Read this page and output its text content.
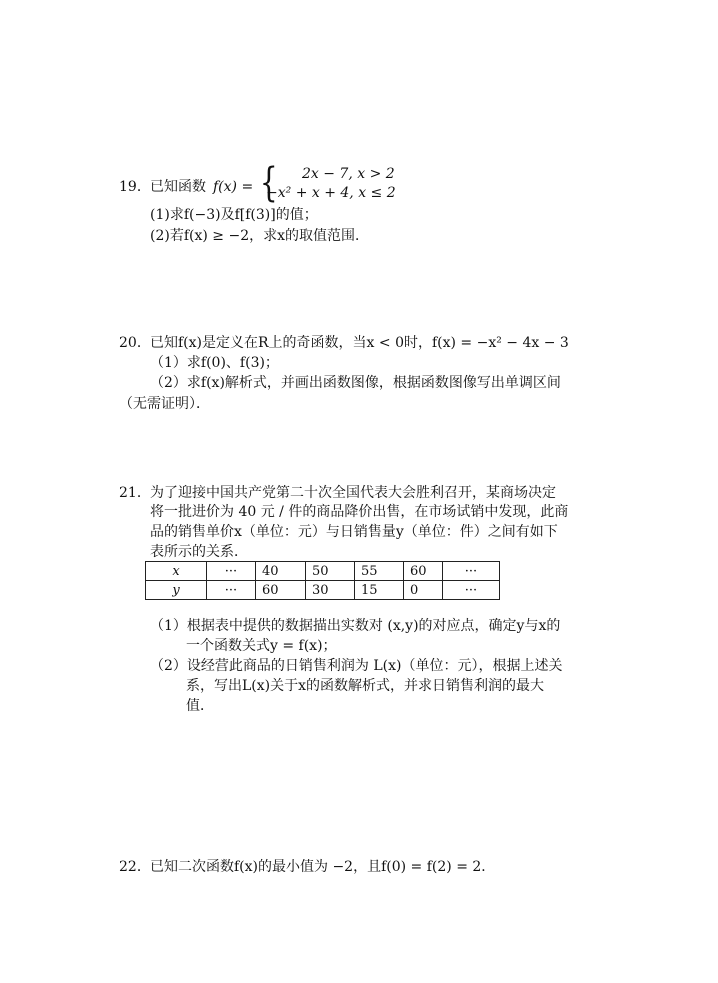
19． 已知函数 f(x) = { 2x − 7, x > 2
−x² + x + 4, x ≤ 2
(1)求f(−3)及f[f(3)]的值；
(2)若f(x) ≥ −2，求x的取值范围．
20． 已知f(x)是定义在R上的奇函数，当x < 0时，f(x) = −x² − 4x − 3
（1）求f(0)、f(3)；
（2）求f(x)解析式，并画出函数图像，根据函数图像写出单调区间
（无需证明）．
21． 为了迎接中国共产党第二十次全国代表大会胜利召开，某商场决定
将一批进价为 40 元 / 件的商品降价出售，在市场试销中发现，此商
品的销售单价x（单位：元）与日销售量y（单位：件）之间有如下
表所示的关系．
x	···	40	50	55	60	···
y	···	60	30	15	0	···
（1）根据表中提供的数据描出实数对 (x,y)的对应点，确定y与x的
一个函数关式y = f(x)；
（2）设经营此商品的日销售利润为 L(x)（单位：元），根据上述关
系，写出L(x)关于x的函数解析式，并求日销售利润的最大
值．
22． 已知二次函数f(x)的最小值为 −2，且f(0) = f(2) = 2．
